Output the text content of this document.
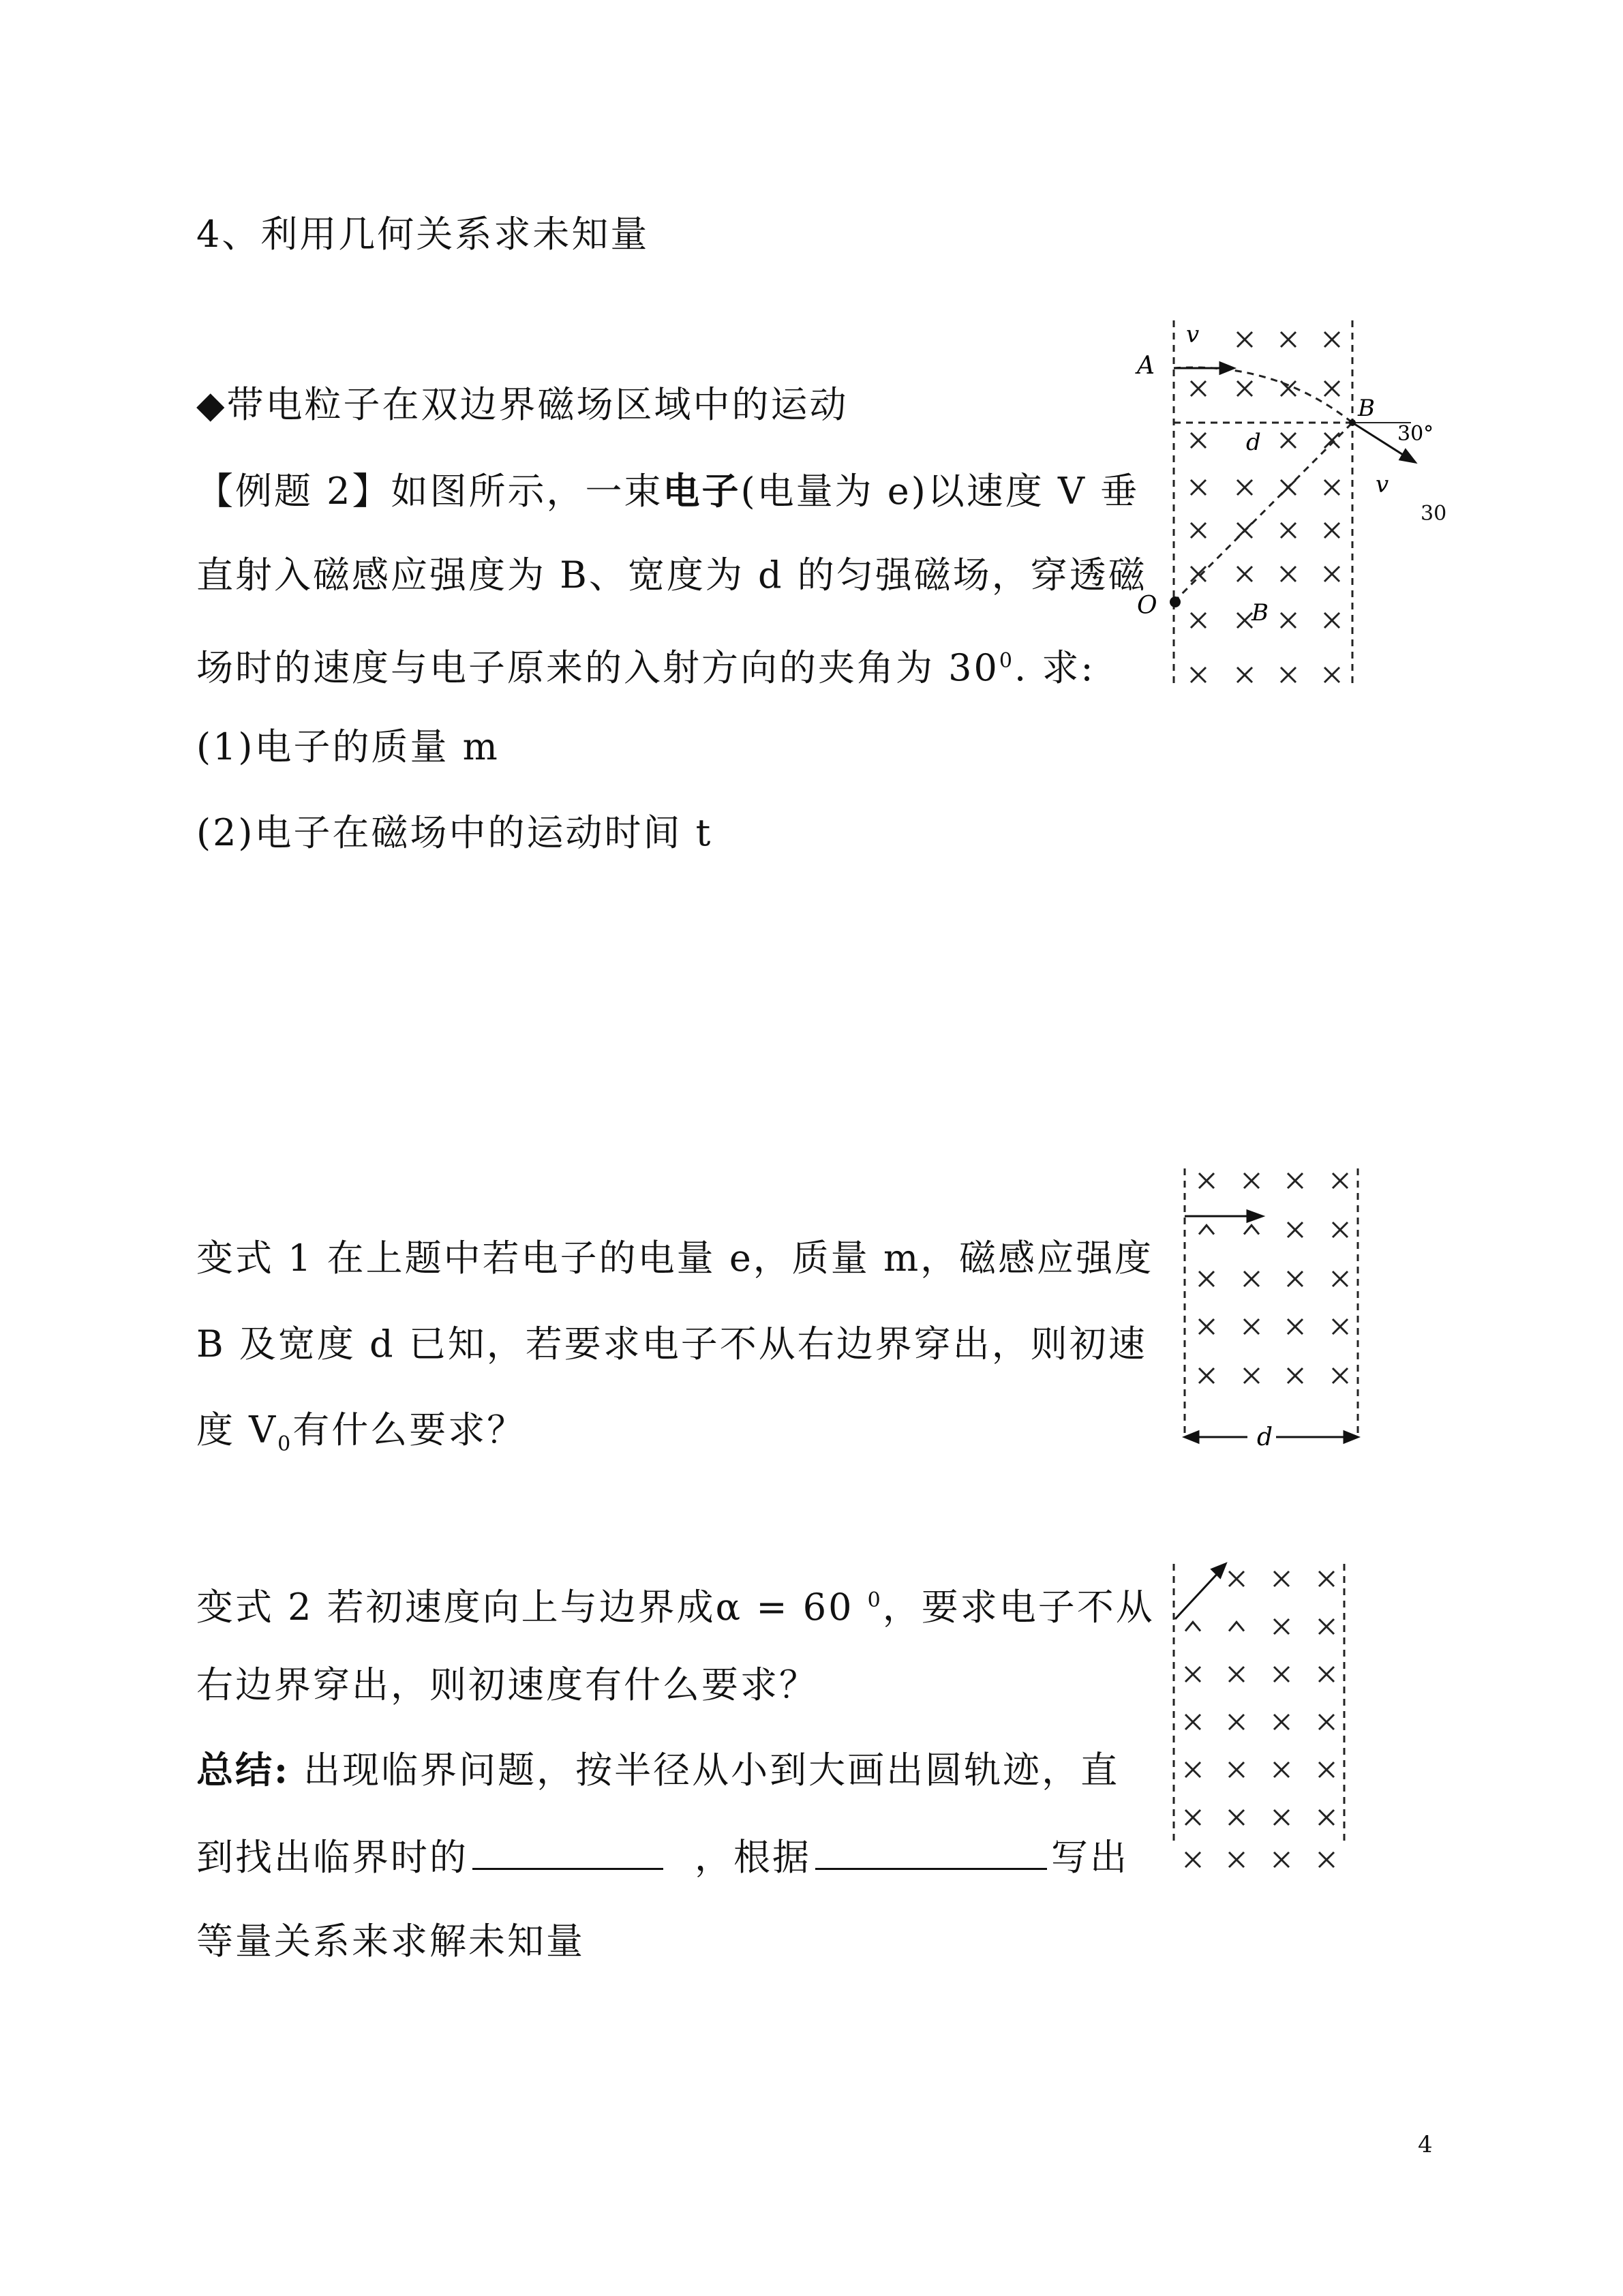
4、利用几何关系求未知量
◆带电粒子在双边界磁场区域中的运动
【例题 2】如图所示，一束电子(电量为 e)以速度 V 垂
直射入磁感应强度为 B、宽度为 d 的匀强磁场，穿透磁
场时的速度与电子原来的入射方向的夹角为 $30^0$. 求:
(1)电子的质量 m
(2)电子在磁场中的运动时间 t
变式 1 在上题中若电子的电量 e，质量 m，磁感应强度
B 及宽度 d 已知，若要求电子不从右边界穿出，则初速
度 $V_0$有什么要求？
变式 2 若初速度向上与边界成α = 60 $^0$，要求电子不从
右边界穿出，则初速度有什么要求？
总结: 出现临界问题，按半径从小到大画出圆轨迹，直
到找出临界时的	，根据	写出
等量关系来求解未知量
4
A
v
B
30°
d
v
O	B
30
d
